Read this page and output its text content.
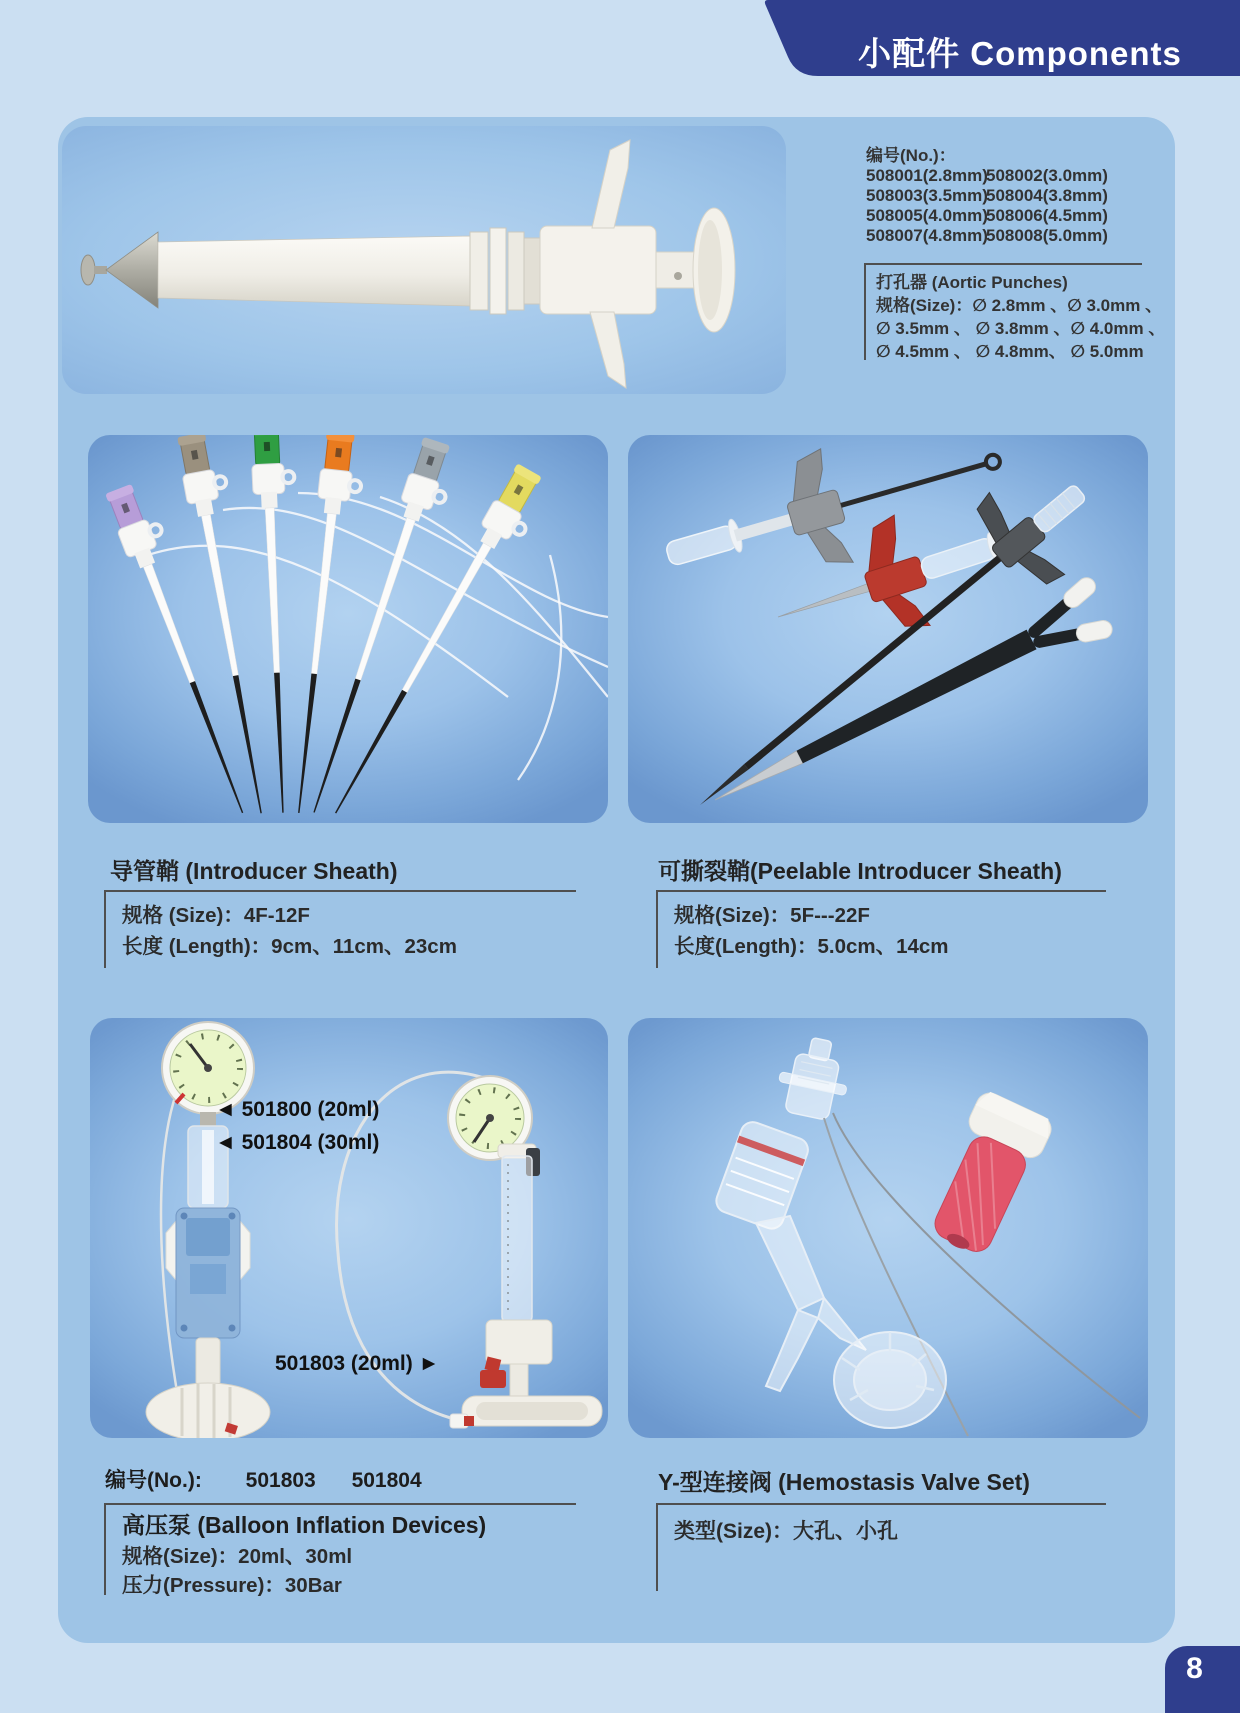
小配件 Components
编号(No.)：
508001(2.8mm)508002(3.0mm)
508003(3.5mm)508004(3.8mm)
508005(4.0mm)508006(4.5mm)
508007(4.8mm)508008(5.0mm)
打孔器 (Aortic Punches)
规格(Size)：∅ 2.8mm 、∅ 3.0mm 、
∅ 3.5mm 、 ∅ 3.8mm 、∅ 4.0mm 、
∅ 4.5mm 、 ∅ 4.8mm、 ∅ 5.0mm
导管鞘 (Introducer Sheath)
规格 (Size)：4F-12F
长度 (Length)：9cm、11cm、23cm
可撕裂鞘(Peelable Introducer Sheath)
规格(Size)：5F---22F
长度(Length)：5.0cm、14cm
◄ 501800 (20ml)
◄ 501804 (30ml)
501803 (20ml) ►
编号(No.): 501803 501804
高压泵 (Balloon Inflation Devices)
规格(Size)：20ml、30ml
压力(Pressure)：30Bar
Y-型连接阀 (Hemostasis Valve Set)
类型(Size)：大孔、小孔
8
